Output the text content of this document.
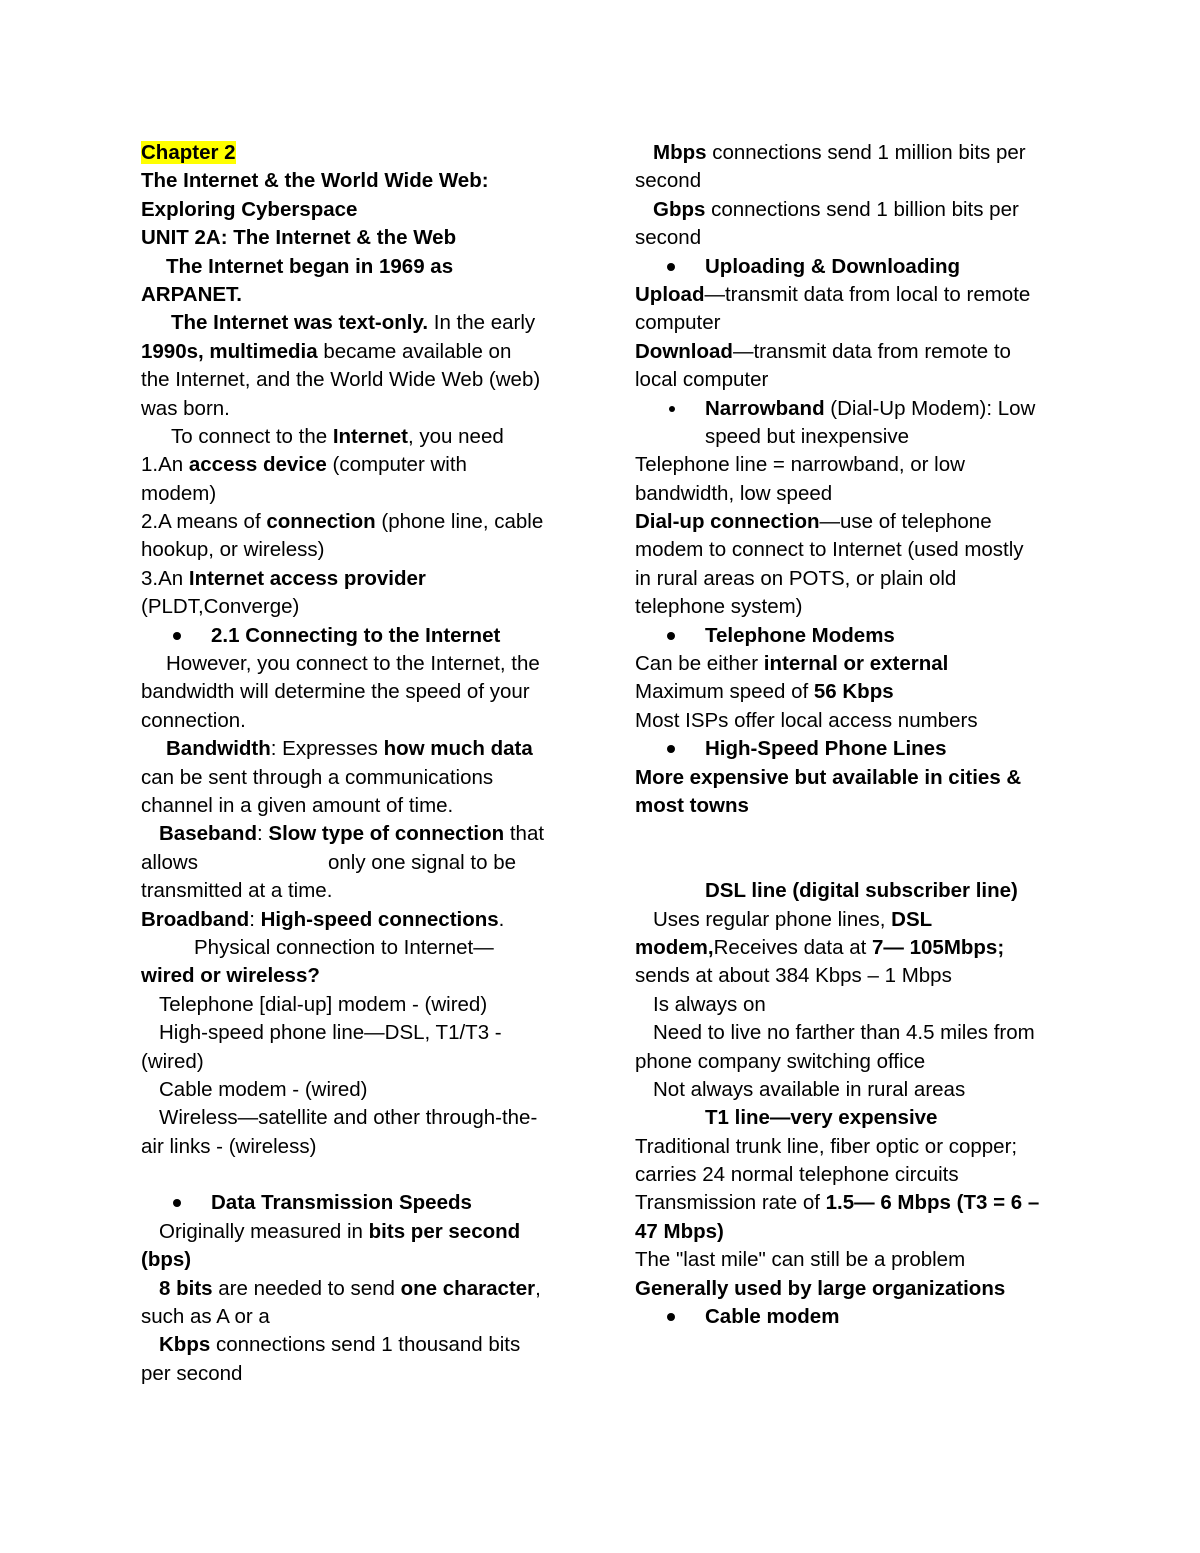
Chapter 2
The Internet & the World Wide Web:
Exploring Cyberspace
UNIT 2A: The Internet & the Web
The Internet began in 1969 as
ARPANET.
The Internet was text-only. In the early
1990s, multimedia became available on
the Internet, and the World Wide Web (web)
was born.
To connect to the Internet, you need
1.An access device (computer with
modem)
2.A means of connection (phone line, cable
hookup, or wireless)
3.An Internet access provider
(PLDT,Converge)
2.1 Connecting to the Internet
However, you connect to the Internet, the
bandwidth will determine the speed of your
connection.
Bandwidth: Expresses how much data
can be sent through a communications
channel in a given amount of time.
Baseband: Slow type of connection that
allows	only one signal to be
transmitted at a time.
Broadband: High-speed connections.
Physical connection to Internet—
wired or wireless?
Telephone [dial-up] modem - (wired)
High-speed phone line—DSL, T1/T3 -
(wired)
Cable modem - (wired)
Wireless—satellite and other through-the-
air links - (wireless)
Data Transmission Speeds
Originally measured in bits per second
(bps)
8 bits are needed to send one character,
such as A or a
Kbps connections send 1 thousand bits
per second
Mbps connections send 1 million bits per
second
Gbps connections send 1 billion bits per
second
Uploading & Downloading
Upload—transmit data from local to remote
computer
Download—transmit data from remote to
local computer
Narrowband (Dial-Up Modem): Low
speed but inexpensive
Telephone line = narrowband, or low
bandwidth, low speed
Dial-up connection—use of telephone
modem to connect to Internet (used mostly
in rural areas on POTS, or plain old
telephone system)
Telephone Modems
Can be either internal or external
Maximum speed of 56 Kbps
Most ISPs offer local access numbers
High-Speed Phone Lines
More expensive but available in cities &
most towns
DSL line (digital subscriber line)
Uses regular phone lines, DSL
modem,Receives data at 7— 105Mbps;
sends at about 384 Kbps – 1 Mbps
Is always on
Need to live no farther than 4.5 miles from
phone company switching office
Not always available in rural areas
T1 line—very expensive
Traditional trunk line, fiber optic or copper;
carries 24 normal telephone circuits
Transmission rate of 1.5— 6 Mbps (T3 = 6 –
47 Mbps)
The "last mile" can still be a problem
Generally used by large organizations
Cable modem
